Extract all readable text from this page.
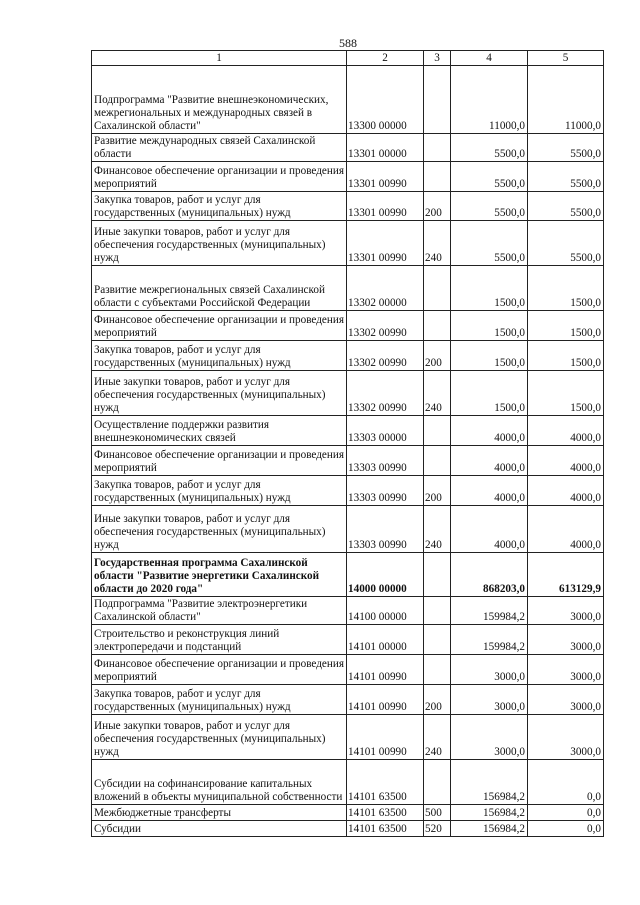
588
1	2	3	4	5
Подпрограмма "Развитие внешнеэкономических, межрегиональных и международных связей в Сахалинской области"	13300 00000		11000,0	11000,0
Развитие международных связей Сахалинской области	13301 00000		5500,0	5500,0
Финансовое обеспечение организации и проведения мероприятий	13301 00990		5500,0	5500,0
Закупка товаров, работ и услуг для государственных (муниципальных) нужд	13301 00990	200	5500,0	5500,0
Иные закупки товаров, работ и услуг для обеспечения государственных (муниципальных) нужд	13301 00990	240	5500,0	5500,0
Развитие межрегиональных связей Сахалинской области с субъектами Российской Федерации	13302 00000		1500,0	1500,0
Финансовое обеспечение организации и проведения мероприятий	13302 00990		1500,0	1500,0
Закупка товаров, работ и услуг для государственных (муниципальных) нужд	13302 00990	200	1500,0	1500,0
Иные закупки товаров, работ и услуг для обеспечения государственных (муниципальных) нужд	13302 00990	240	1500,0	1500,0
Осуществление поддержки развития внешнеэкономических связей	13303 00000		4000,0	4000,0
Финансовое обеспечение организации и проведения мероприятий	13303 00990		4000,0	4000,0
Закупка товаров, работ и услуг для государственных (муниципальных) нужд	13303 00990	200	4000,0	4000,0
Иные закупки товаров, работ и услуг для обеспечения государственных (муниципальных) нужд	13303 00990	240	4000,0	4000,0
Государственная программа Сахалинской области "Развитие энергетики Сахалинской области до 2020 года"	14000 00000		868203,0	613129,9
Подпрограмма "Развитие электроэнергетики Сахалинской области"	14100 00000		159984,2	3000,0
Строительство и реконструкция линий электропередачи и подстанций	14101 00000		159984,2	3000,0
Финансовое обеспечение организации и проведения мероприятий	14101 00990		3000,0	3000,0
Закупка товаров, работ и услуг для государственных (муниципальных) нужд	14101 00990	200	3000,0	3000,0
Иные закупки товаров, работ и услуг для обеспечения государственных (муниципальных) нужд	14101 00990	240	3000,0	3000,0
Субсидии на софинансирование капитальных вложений в объекты муниципальной собственности	14101 63500		156984,2	0,0
Межбюджетные трансферты	14101 63500	500	156984,2	0,0
Субсидии	14101 63500	520	156984,2	0,0
